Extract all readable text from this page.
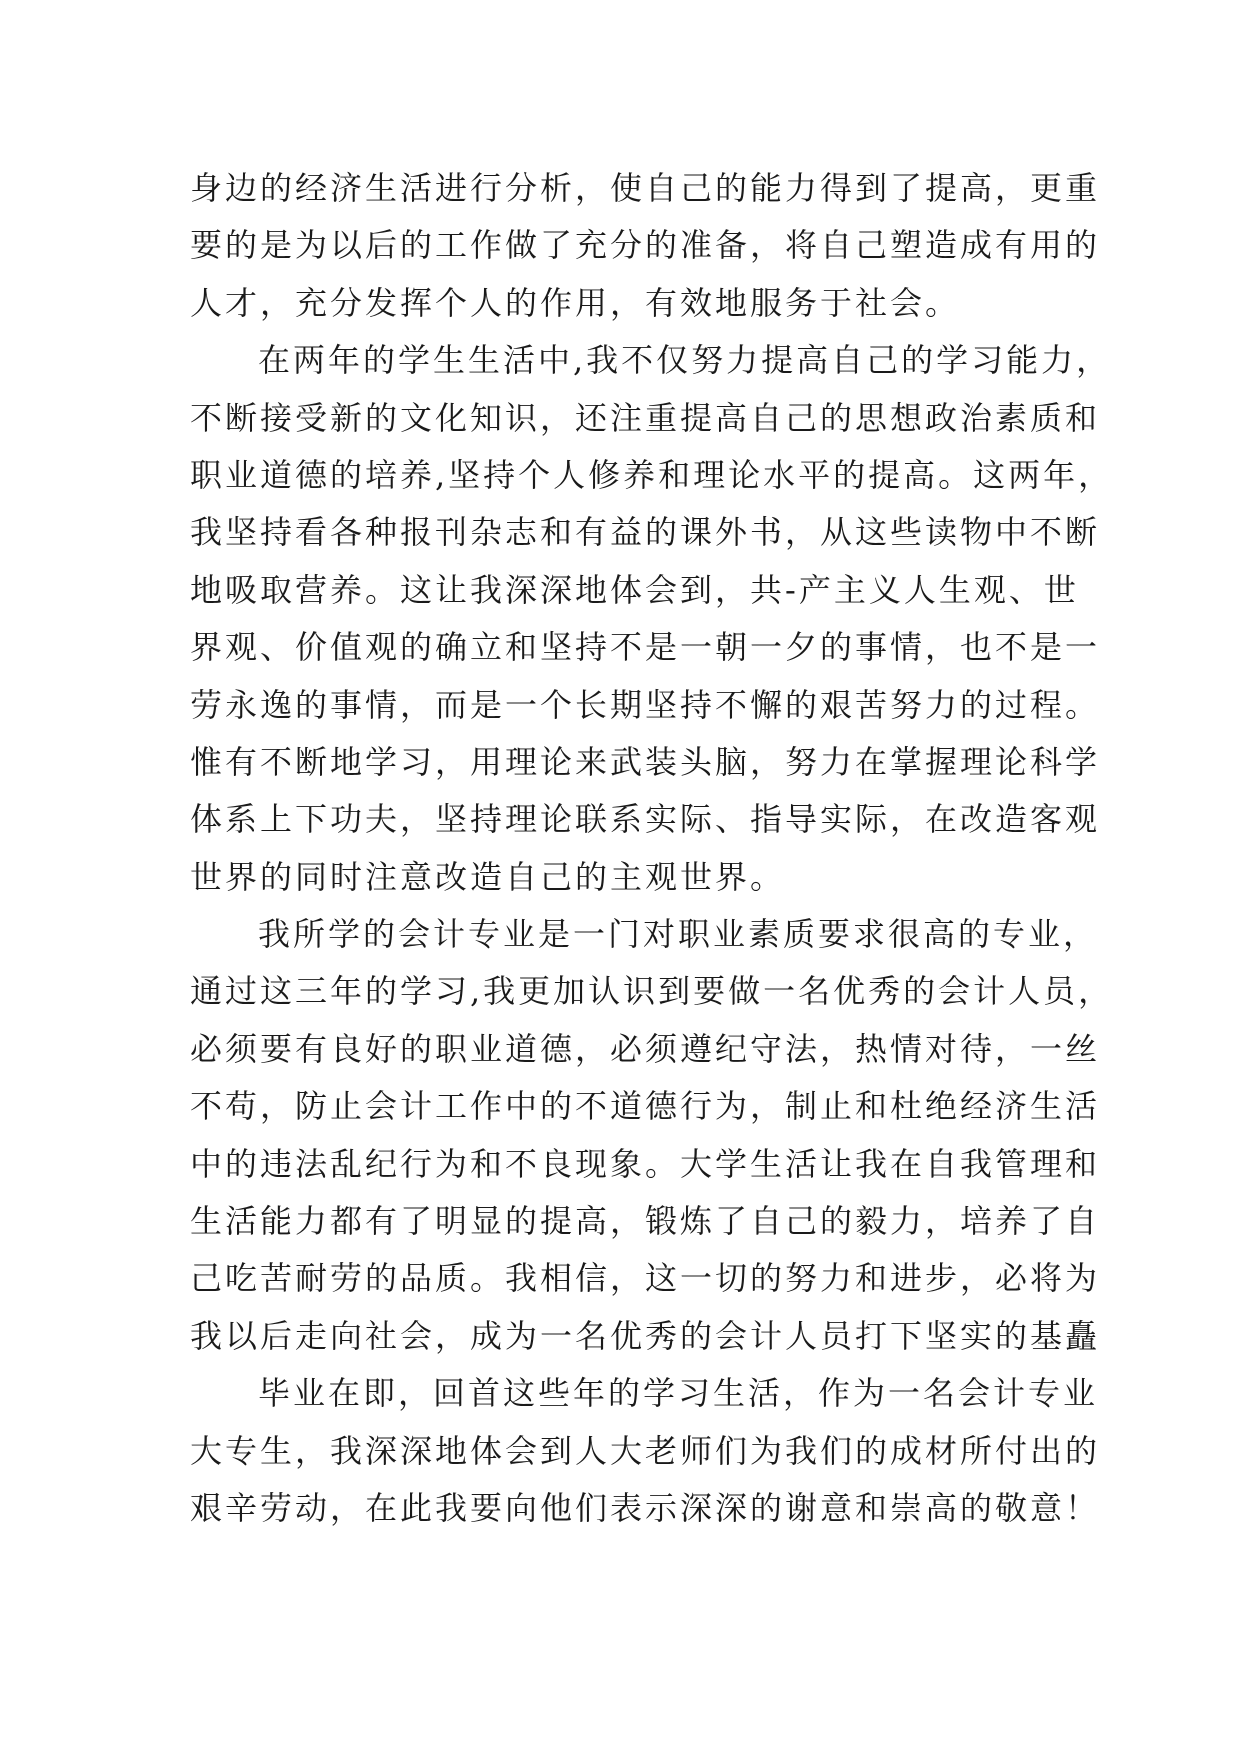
身边的经济生活进行分析，使自己的能力得到了提高，更重
要的是为以后的工作做了充分的准备，将自己塑造成有用的
人才，充分发挥个人的作用，有效地服务于社会。
在两年的学生生活中,我不仅努力提高自己的学习能力，
不断接受新的文化知识，还注重提高自己的思想政治素质和
职业道德的培养,坚持个人修养和理论水平的提高。这两年，
我坚持看各种报刊杂志和有益的课外书，从这些读物中不断
地吸取营养。这让我深深地体会到，共-产主义人生观、世
界观、价值观的确立和坚持不是一朝一夕的事情，也不是一
劳永逸的事情，而是一个长期坚持不懈的艰苦努力的过程。
惟有不断地学习，用理论来武装头脑，努力在掌握理论科学
体系上下功夫，坚持理论联系实际、指导实际，在改造客观
世界的同时注意改造自己的主观世界。
我所学的会计专业是一门对职业素质要求很高的专业，
通过这三年的学习,我更加认识到要做一名优秀的会计人员，
必须要有良好的职业道德，必须遵纪守法，热情对待，一丝
不苟，防止会计工作中的不道德行为，制止和杜绝经济生活
中的违法乱纪行为和不良现象。大学生活让我在自我管理和
生活能力都有了明显的提高，锻炼了自己的毅力，培养了自
己吃苦耐劳的品质。我相信，这一切的努力和进步，必将为
我以后走向社会，成为一名优秀的会计人员打下坚实的基矗
毕业在即，回首这些年的学习生活，作为一名会计专业
大专生，我深深地体会到人大老师们为我们的成材所付出的
艰辛劳动，在此我要向他们表示深深的谢意和崇高的敬意！
